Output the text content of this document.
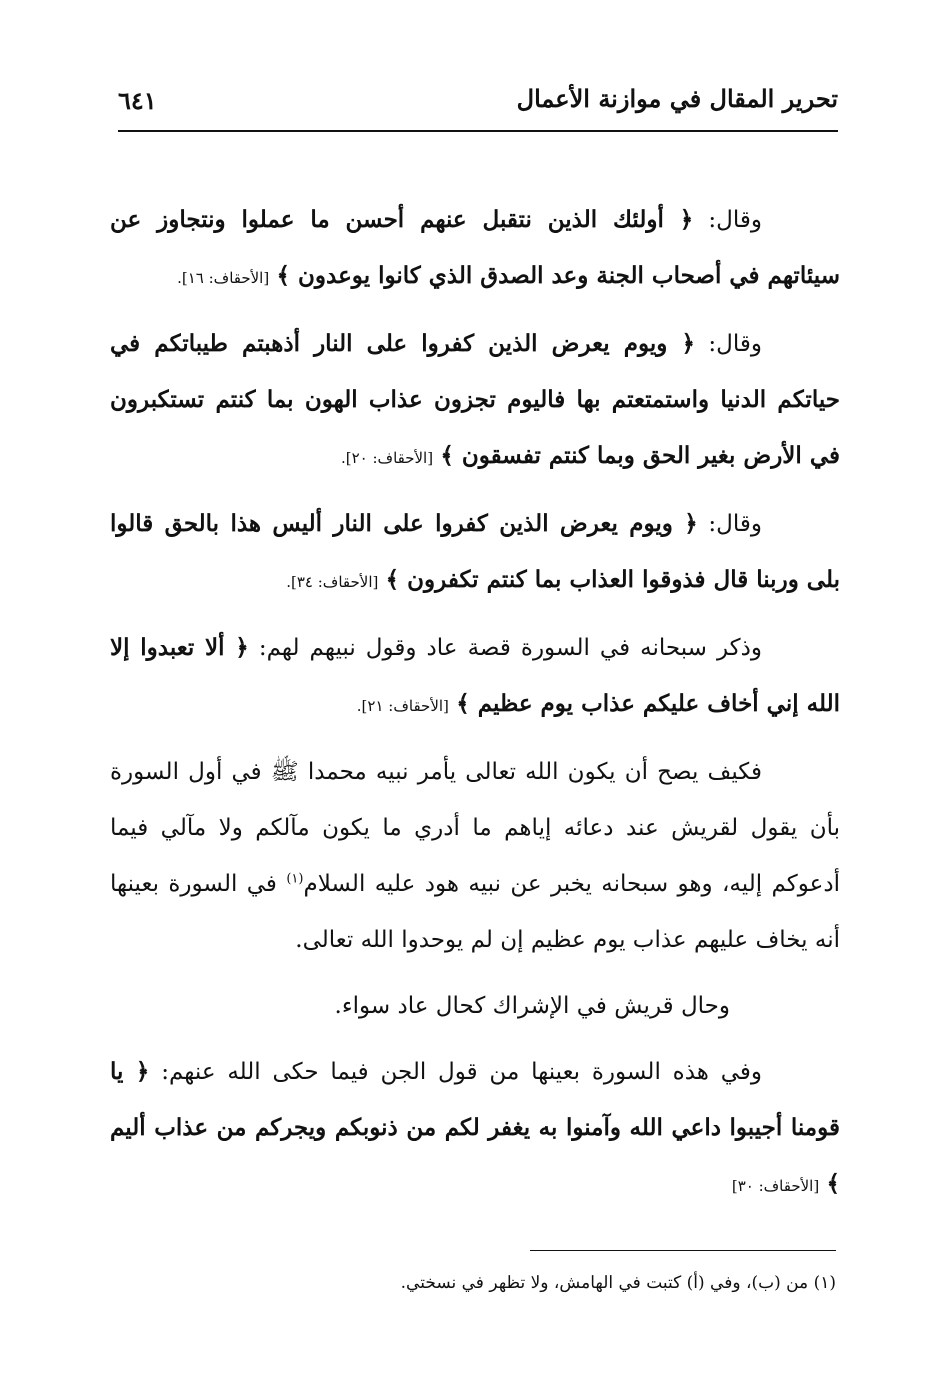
تحرير المقال في موازنة الأعمال
٦٤١

وقال: ﴿ أولئك الذين نتقبل عنهم أحسن ما عملوا ونتجاوز عن سيئاتهم في أصحاب الجنة وعد الصدق الذي كانوا يوعدون ﴾ [الأحقاف: ١٦].

وقال: ﴿ ويوم يعرض الذين كفروا على النار أذهبتم طيباتكم في حياتكم الدنيا واستمتعتم بها فاليوم تجزون عذاب الهون بما كنتم تستكبرون في الأرض بغير الحق وبما كنتم تفسقون ﴾ [الأحقاف: ٢٠].

وقال: ﴿ ويوم يعرض الذين كفروا على النار أليس هذا بالحق قالوا بلى وربنا قال فذوقوا العذاب بما كنتم تكفرون ﴾ [الأحقاف: ٣٤].

وذكر سبحانه في السورة قصة عاد وقول نبيهم لهم: ﴿ ألا تعبدوا إلا الله إني أخاف عليكم عذاب يوم عظيم ﴾ [الأحقاف: ٢١].

فكيف يصح أن يكون الله تعالى يأمر نبيه محمدا ﷺ في أول السورة بأن يقول لقريش عند دعائه إياهم ما أدري ما يكون مآلكم ولا مآلي فيما أدعوكم إليه، وهو سبحانه يخبر عن نبيه هود عليه السلام$^{(١)}$ في السورة بعينها أنه يخاف عليهم عذاب يوم عظيم إن لم يوحدوا الله تعالى.

وحال قريش في الإشراك كحال عاد سواء.

وفي هذه السورة بعينها من قول الجن فيما حكى الله عنهم: ﴿ يا قومنا أجيبوا داعي الله وآمنوا به يغفر لكم من ذنوبكم ويجركم من عذاب أليم ﴾ [الأحقاف: ٣٠]

(١) من (ب)، وفي (أ) كتبت في الهامش، ولا تظهر في نسختي.
